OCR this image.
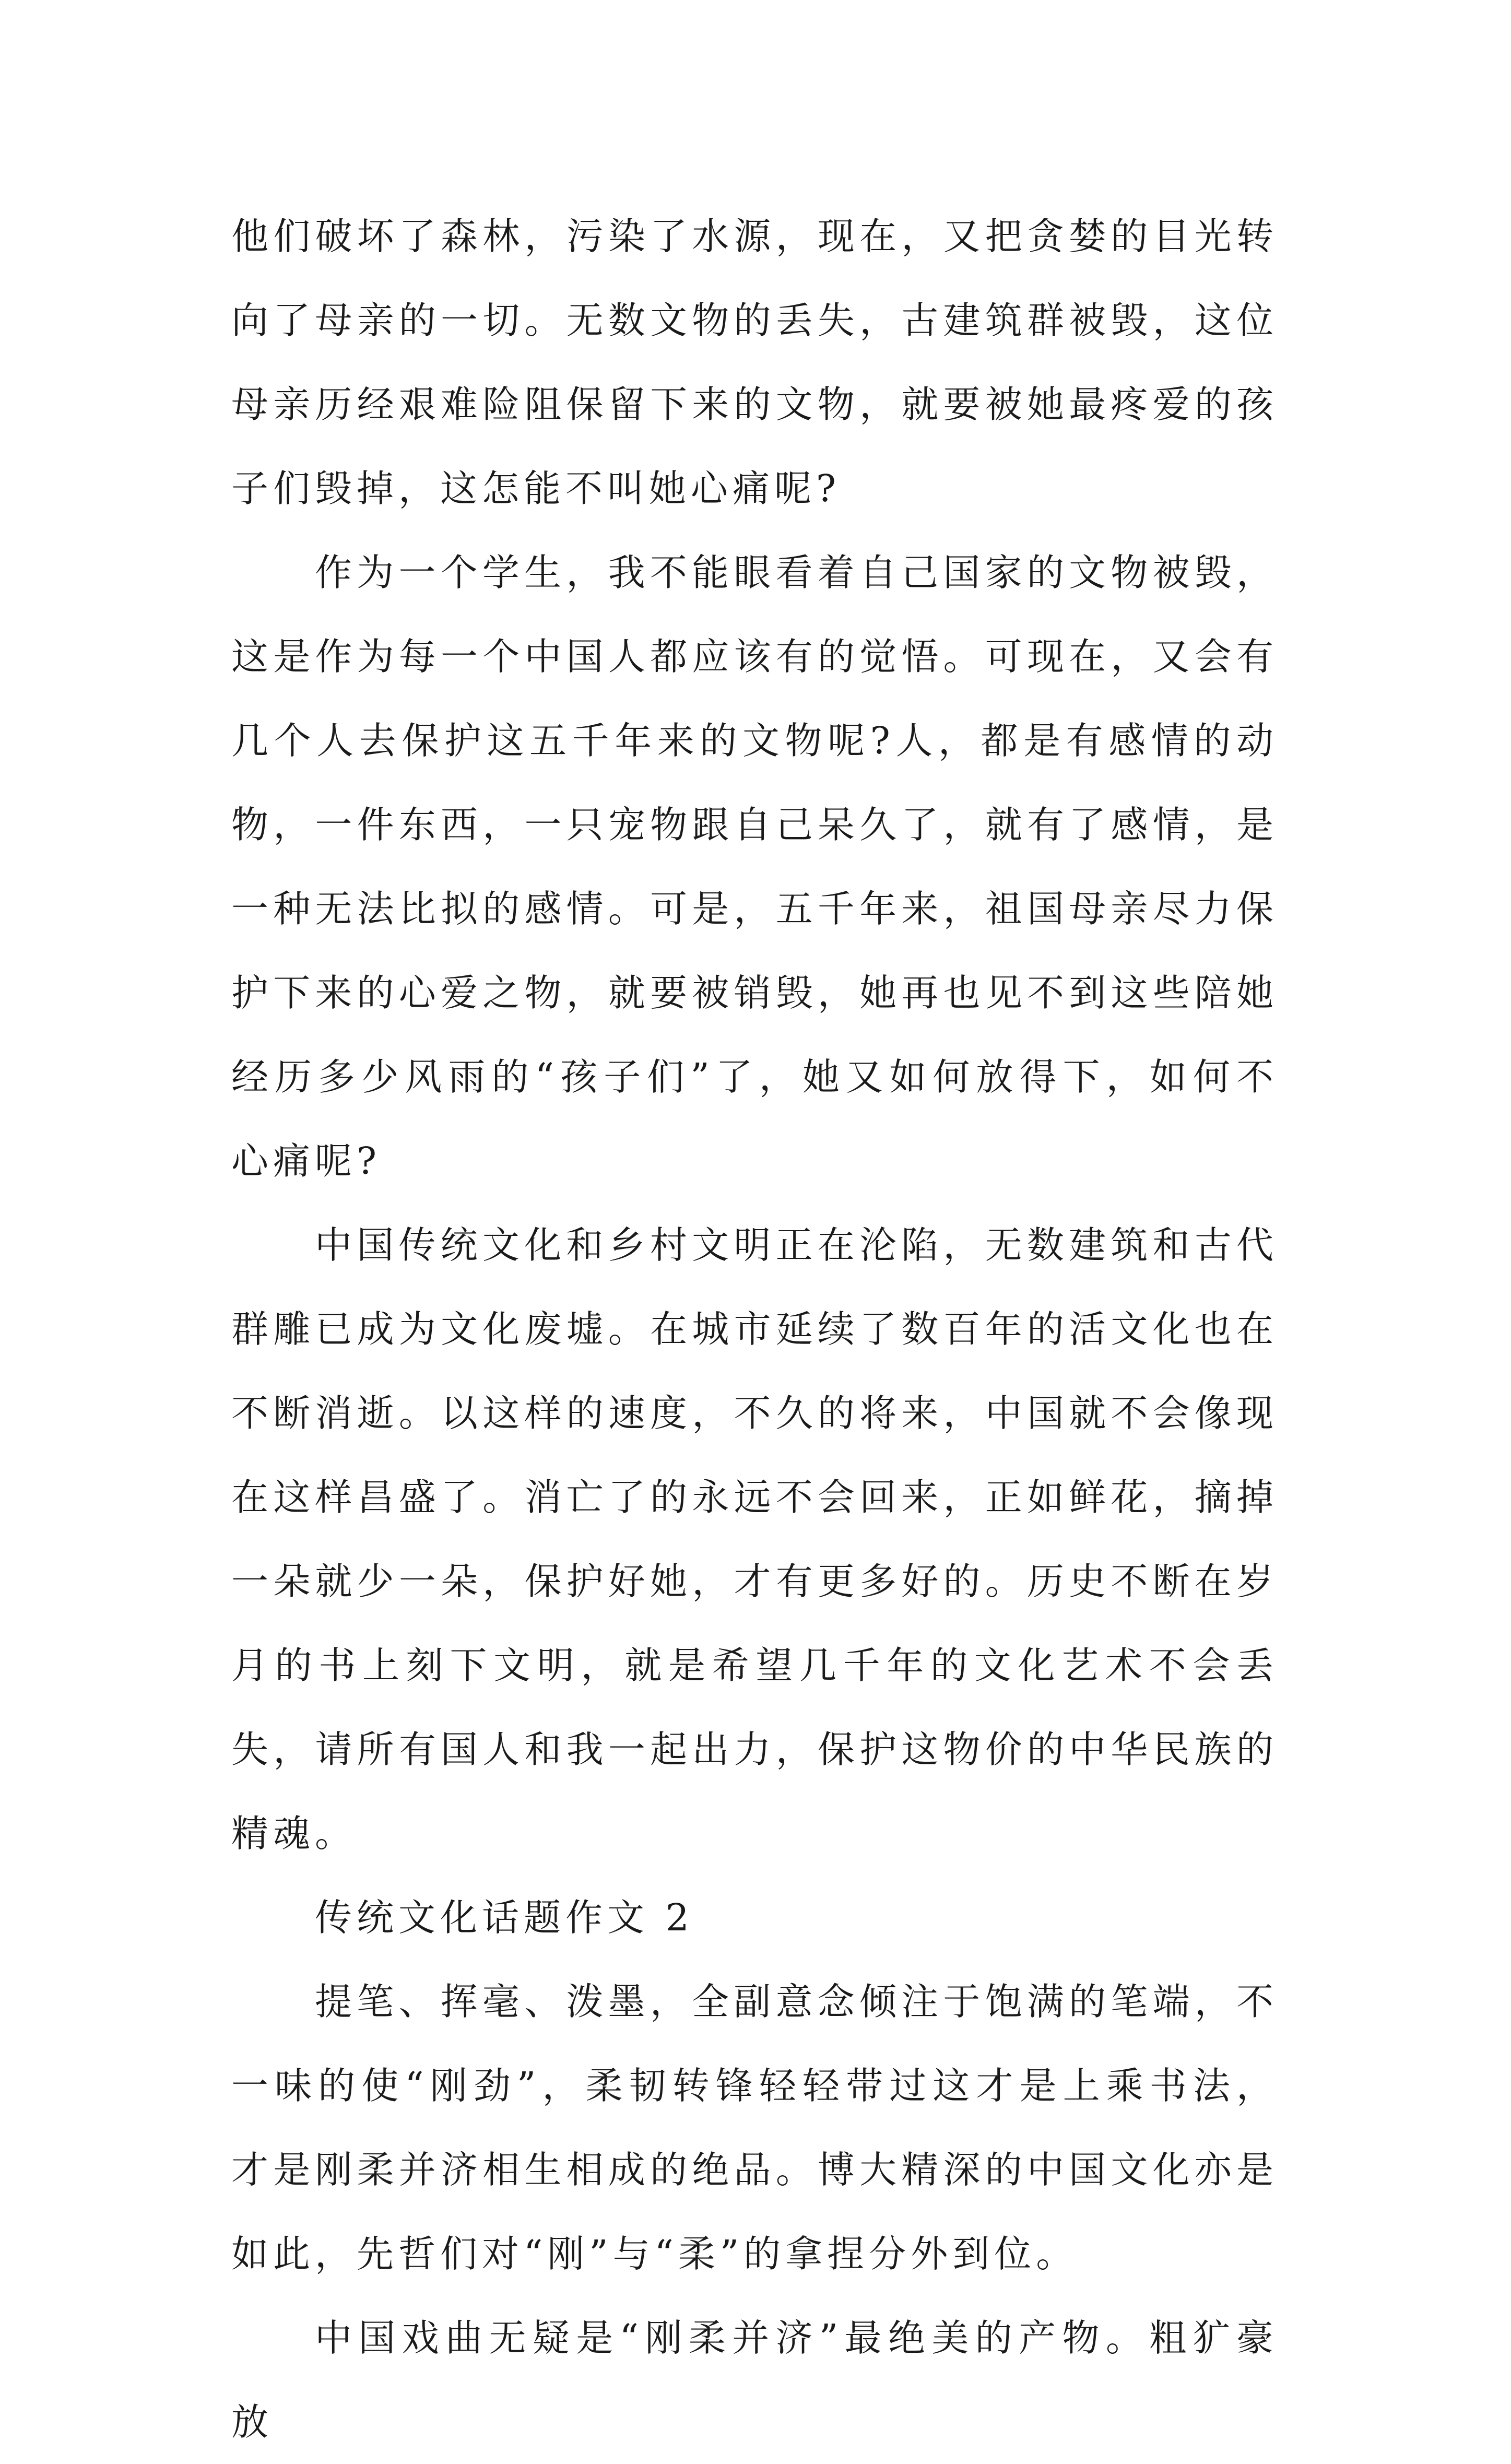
他们破坏了森林，污染了水源，现在，又把贪婪的目光转向了母亲的一切。无数文物的丢失，古建筑群被毁，这位母亲历经艰难险阻保留下来的文物，就要被她最疼爱的孩子们毁掉，这怎能不叫她心痛呢?

作为一个学生，我不能眼看着自己国家的文物被毁，这是作为每一个中国人都应该有的觉悟。可现在，又会有几个人去保护这五千年来的文物呢?人，都是有感情的动物，一件东西，一只宠物跟自己呆久了，就有了感情，是一种无法比拟的感情。可是，五千年来，祖国母亲尽力保护下来的心爱之物，就要被销毁，她再也见不到这些陪她经历多少风雨的“孩子们”了，她又如何放得下，如何不心痛呢?

中国传统文化和乡村文明正在沦陷，无数建筑和古代群雕已成为文化废墟。在城市延续了数百年的活文化也在不断消逝。以这样的速度，不久的将来，中国就不会像现在这样昌盛了。消亡了的永远不会回来，正如鲜花，摘掉一朵就少一朵，保护好她，才有更多好的。历史不断在岁月的书上刻下文明，就是希望几千年的文化艺术不会丢失，请所有国人和我一起出力，保护这物价的中华民族的精魂。

传统文化话题作文 2

提笔、挥毫、泼墨，全副意念倾注于饱满的笔端，不一味的使“刚劲”，柔韧转锋轻轻带过这才是上乘书法，才是刚柔并济相生相成的绝品。博大精深的中国文化亦是如此，先哲们对“刚”与“柔”的拿捏分外到位。

中国戏曲无疑是“刚柔并济”最绝美的产物。粗犷豪放
